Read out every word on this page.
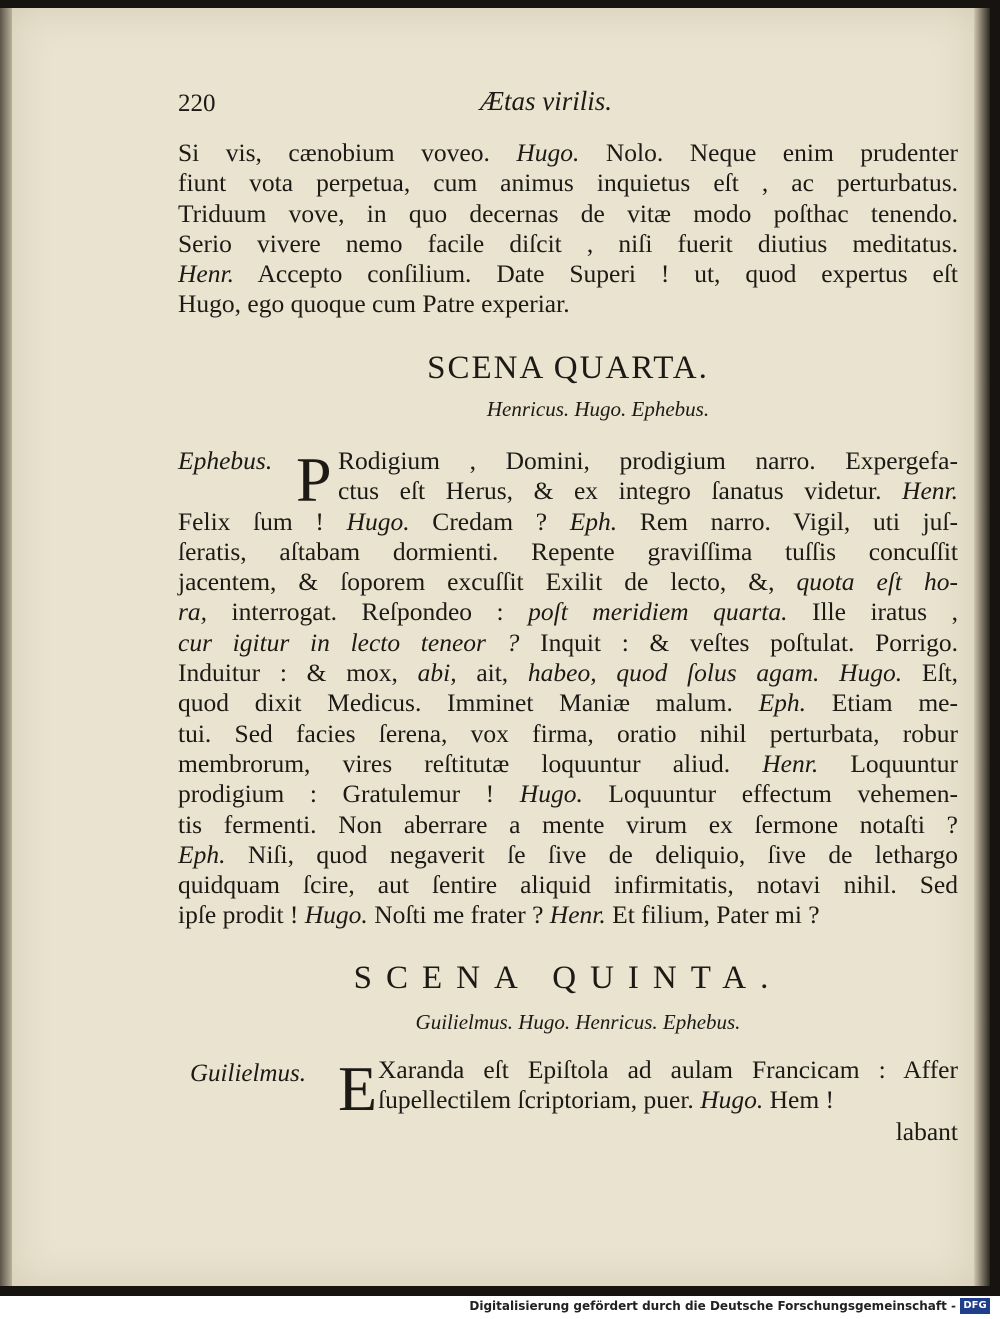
220	Ætas virilis.
Si vis, cænobium voveo. Hugo. Nolo. Neque enim prudenter
fiunt vota perpetua, cum animus inquietus eſt , ac perturbatus.
Triduum vove, in quo decernas de vitæ modo poſthac tenendo.
Serio vivere nemo facile diſcit , niſi fuerit diutius meditatus.
Henr. Accepto conſilium. Date Superi ! ut, quod expertus eſt
Hugo, ego quoque cum Patre experiar.
SCENA QUARTA.
Henricus. Hugo. Ephebus.
Ephebus. P Rodigium , Domini, prodigium narro. Expergefa-
ctus eſt Herus, & ex integro ſanatus videtur. Henr.
Felix ſum ! Hugo. Credam ? Eph. Rem narro. Vigil, uti juſ-
ſeratis, aſtabam dormienti. Repente graviſſima tuſſis concuſſit
jacentem, & ſoporem excuſſit Exilit de lecto, &, quota eſt ho-
ra, interrogat. Reſpondeo : poſt meridiem quarta. Ille iratus ,
cur igitur in lecto teneor ? Inquit : & veſtes poſtulat. Porrigo.
Induitur : & mox, abi, ait, habeo, quod ſolus agam. Hugo. Eſt,
quod dixit Medicus. Imminet Maniæ malum. Eph. Etiam me-
tui. Sed facies ſerena, vox firma, oratio nihil perturbata, robur
membrorum, vires reſtitutæ loquuntur aliud. Henr. Loquuntur
prodigium : Gratulemur ! Hugo. Loquuntur effectum vehemen-
tis fermenti. Non aberrare a mente virum ex ſermone notaſti ?
Eph. Niſi, quod negaverit ſe ſive de deliquio, ſive de lethargo
quidquam ſcire, aut ſentire aliquid infirmitatis, notavi nihil. Sed
ipſe prodit ! Hugo. Noſti me frater ? Henr. Et filium, Pater mi ?
SCENA QUINTA.
Guilielmus. Hugo. Henricus. Ephebus.
Guilielmus. E Xaranda eſt Epiſtola ad aulam Francicam : Affer
ſupellectilem ſcriptoriam, puer. Hugo. Hem !
labant
Digitalisierung gefördert durch die Deutsche Forschungsgemeinschaft - DFG
